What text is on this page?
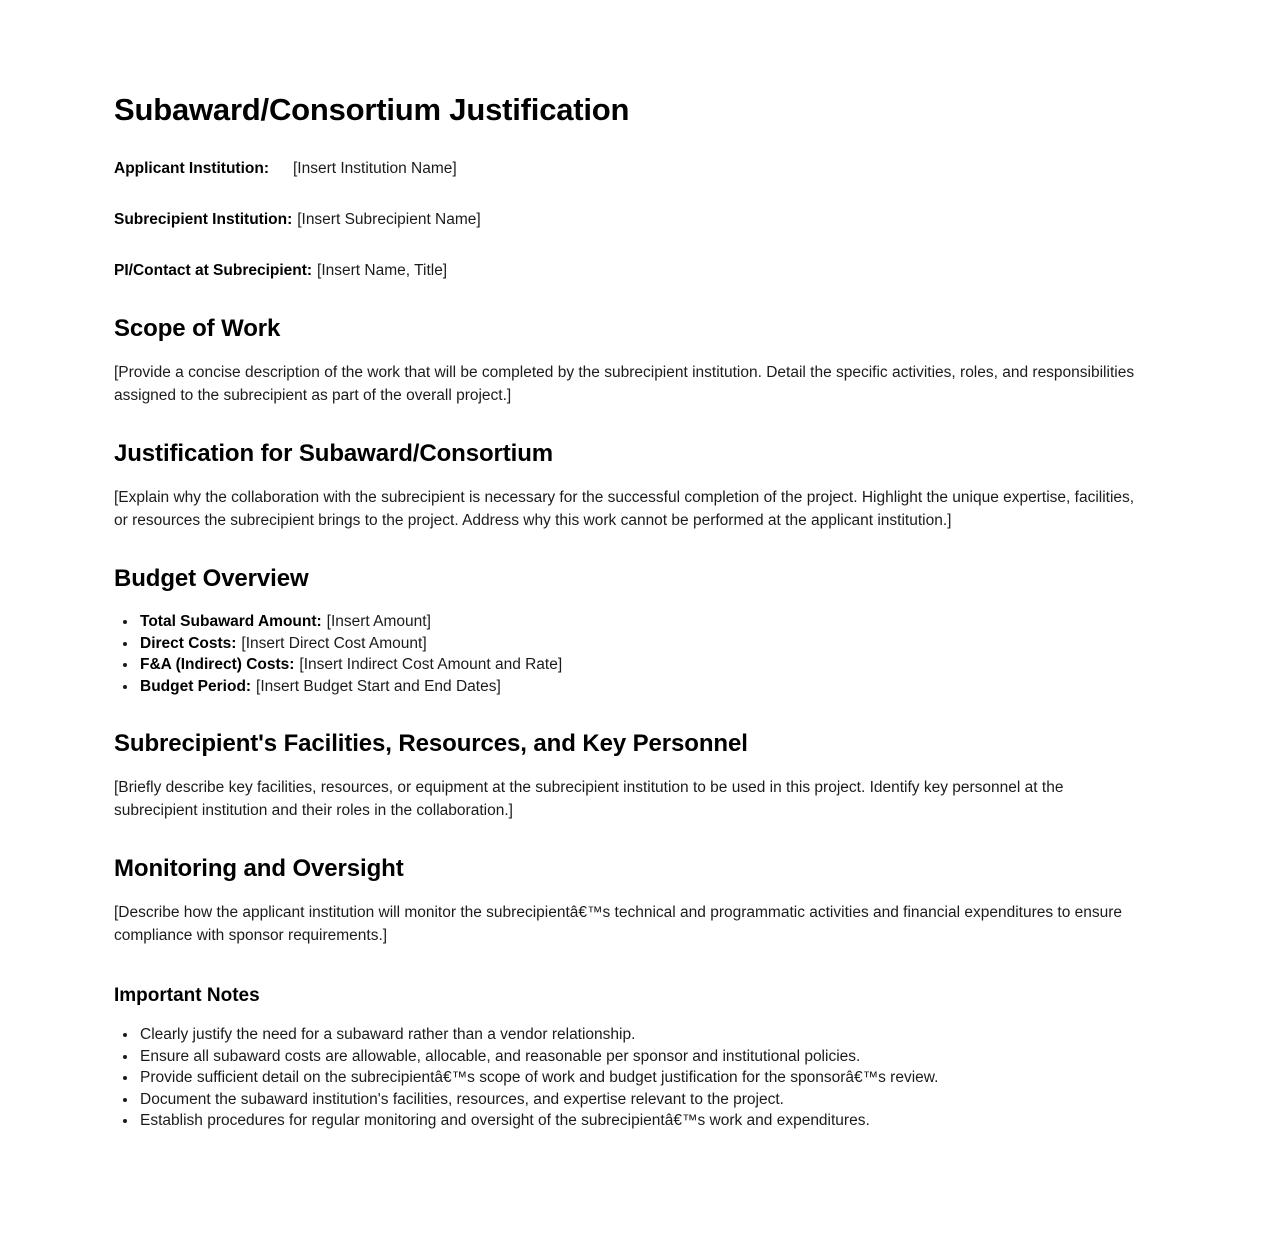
Subaward/Consortium Justification

Applicant Institution: [Insert Institution Name]

Subrecipient Institution: [Insert Subrecipient Name]

PI/Contact at Subrecipient: [Insert Name, Title]

Scope of Work

[Provide a concise description of the work that will be completed by the subrecipient institution. Detail the specific activities, roles, and responsibilities assigned to the subrecipient as part of the overall project.]

Justification for Subaward/Consortium

[Explain why the collaboration with the subrecipient is necessary for the successful completion of the project. Highlight the unique expertise, facilities, or resources the subrecipient brings to the project. Address why this work cannot be performed at the applicant institution.]

Budget Overview
• Total Subaward Amount: [Insert Amount]
• Direct Costs: [Insert Direct Cost Amount]
• F&A (Indirect) Costs: [Insert Indirect Cost Amount and Rate]
• Budget Period: [Insert Budget Start and End Dates]
Subrecipient's Facilities, Resources, and Key Personnel

[Briefly describe key facilities, resources, or equipment at the subrecipient institution to be used in this project. Identify key personnel at the subrecipient institution and their roles in the collaboration.]

Monitoring and Oversight

[Describe how the applicant institution will monitor the subrecipientâ€™s technical and programmatic activities and financial expenditures to ensure compliance with sponsor requirements.]

Important Notes
• Clearly justify the need for a subaward rather than a vendor relationship.
• Ensure all subaward costs are allowable, allocable, and reasonable per sponsor and institutional policies.
• Provide sufficient detail on the subrecipientâ€™s scope of work and budget justification for the sponsorâ€™s review.
• Document the subaward institution's facilities, resources, and expertise relevant to the project.
• Establish procedures for regular monitoring and oversight of the subrecipientâ€™s work and expenditures.
